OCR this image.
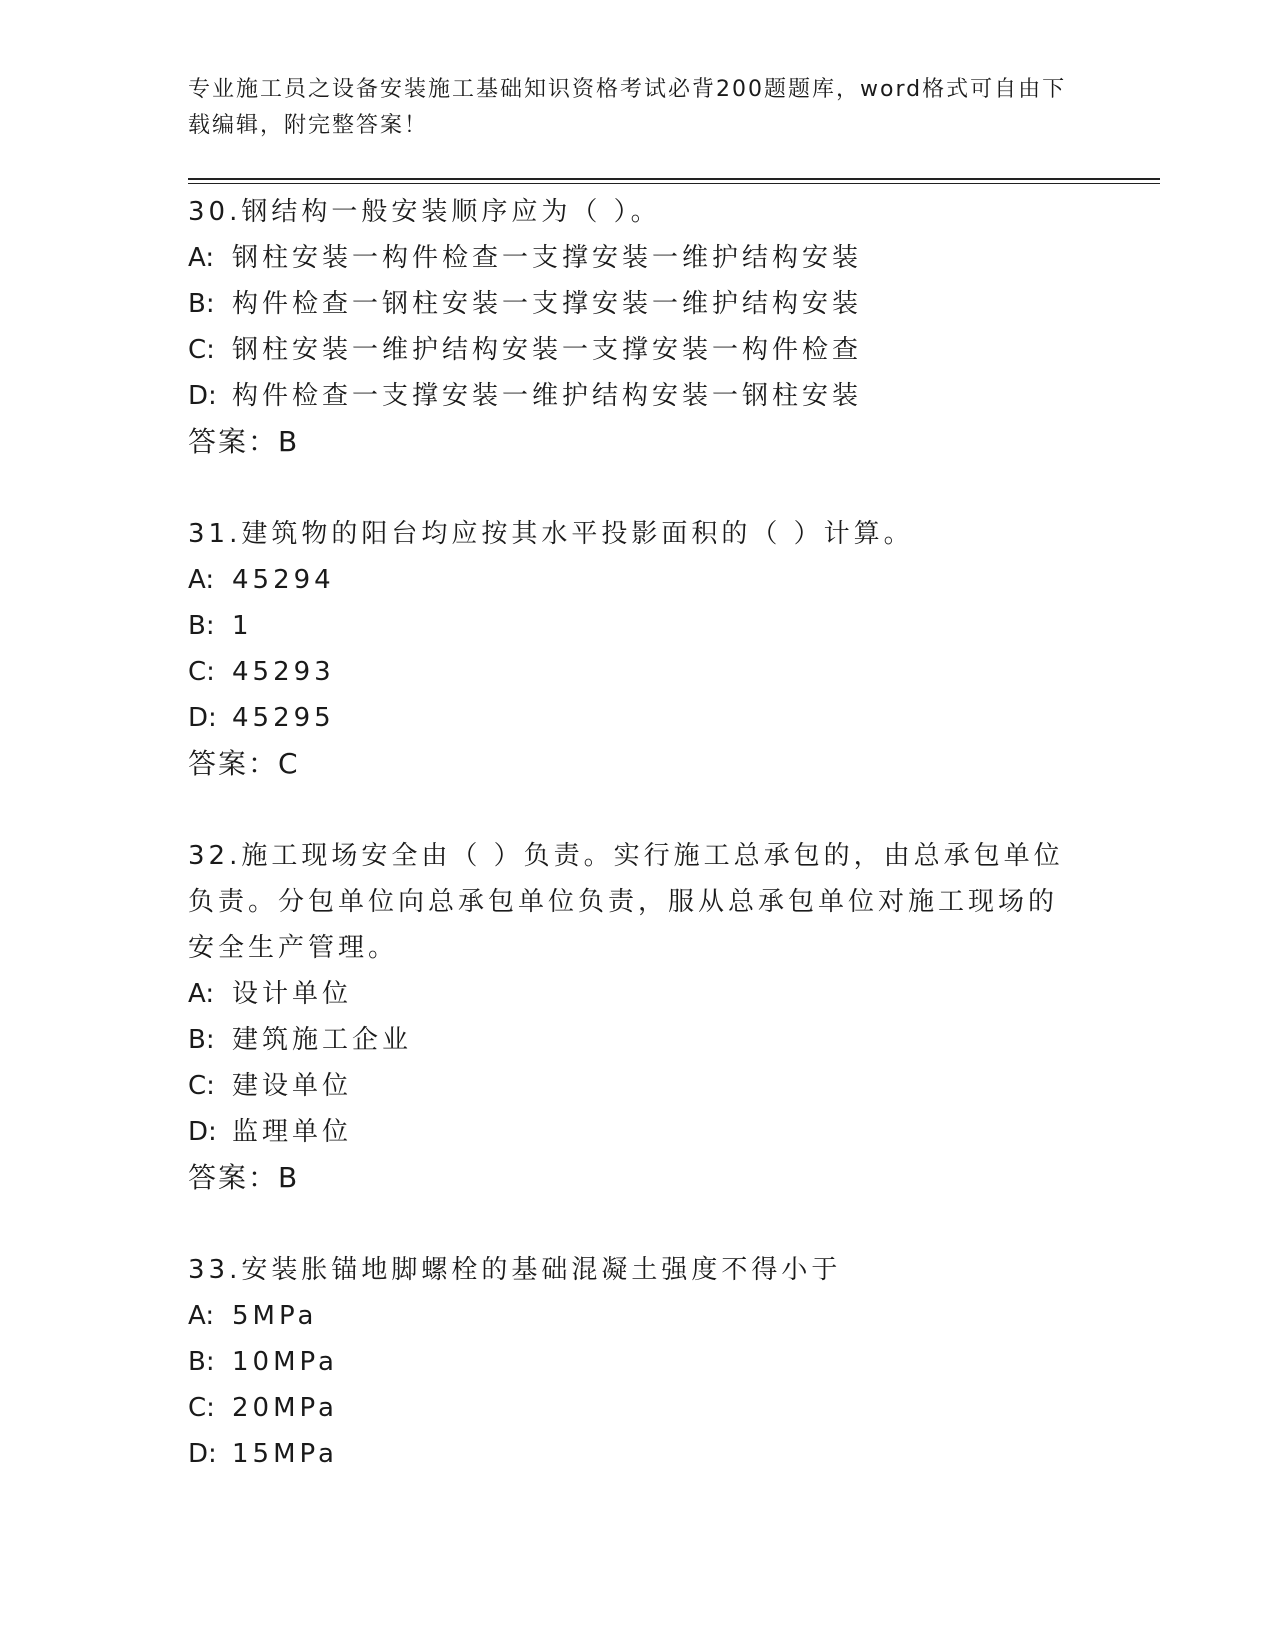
专业施工员之设备安装施工基础知识资格考试必背200题题库，word格式可自由下载编辑，附完整答案！
30.钢结构一般安装顺序应为（ ）。
A: 钢柱安装一构件检查一支撑安装一维护结构安装
B: 构件检查一钢柱安装一支撑安装一维护结构安装
C: 钢柱安装一维护结构安装一支撑安装一构件检查
D: 构件检查一支撑安装一维护结构安装一钢柱安装
答案：B
31.建筑物的阳台均应按其水平投影面积的（ ）计算。
A: 45294
B: 1
C: 45293
D: 45295
答案：C
32.施工现场安全由（ ）负责。实行施工总承包的，由总承包单位负责。分包单位向总承包单位负责，服从总承包单位对施工现场的安全生产管理。
A: 设计单位
B: 建筑施工企业
C: 建设单位
D: 监理单位
答案：B
33.安装胀锚地脚螺栓的基础混凝土强度不得小于
A: 5MPa
B: 10MPa
C: 20MPa
D: 15MPa
